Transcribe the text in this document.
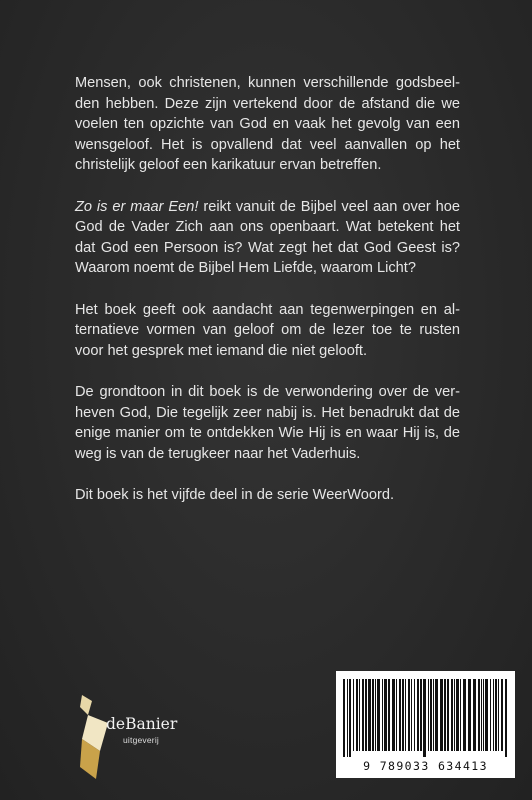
Mensen, ook christenen, kunnen verschillende godsbeel- den hebben. Deze zijn vertekend door de afstand die we voelen ten opzichte van God en vaak het gevolg van een wensgeloof. Het is opvallend dat veel aanvallen op het christelijk geloof een karikatuur ervan betreffen.

Zo is er maar Een! reikt vanuit de Bijbel veel aan over hoe God de Vader Zich aan ons openbaart. Wat betekent het dat God een Persoon is? Wat zegt het dat God Geest is? Waarom noemt de Bijbel Hem Liefde, waarom Licht?

Het boek geeft ook aandacht aan tegenwerpingen en al- ternatieve vormen van geloof om de lezer toe te rusten voor het gesprek met iemand die niet gelooft.

De grondtoon in dit boek is de verwondering over de ver- heven God, Die tegelijk zeer nabij is. Het benadrukt dat de enige manier om te ontdekken Wie Hij is en waar Hij is, de weg is van de terugkeer naar het Vaderhuis.

Dit boek is het vijfde deel in de serie WeerWoord.

deBanier
uitgeverij
9 789033 634413
